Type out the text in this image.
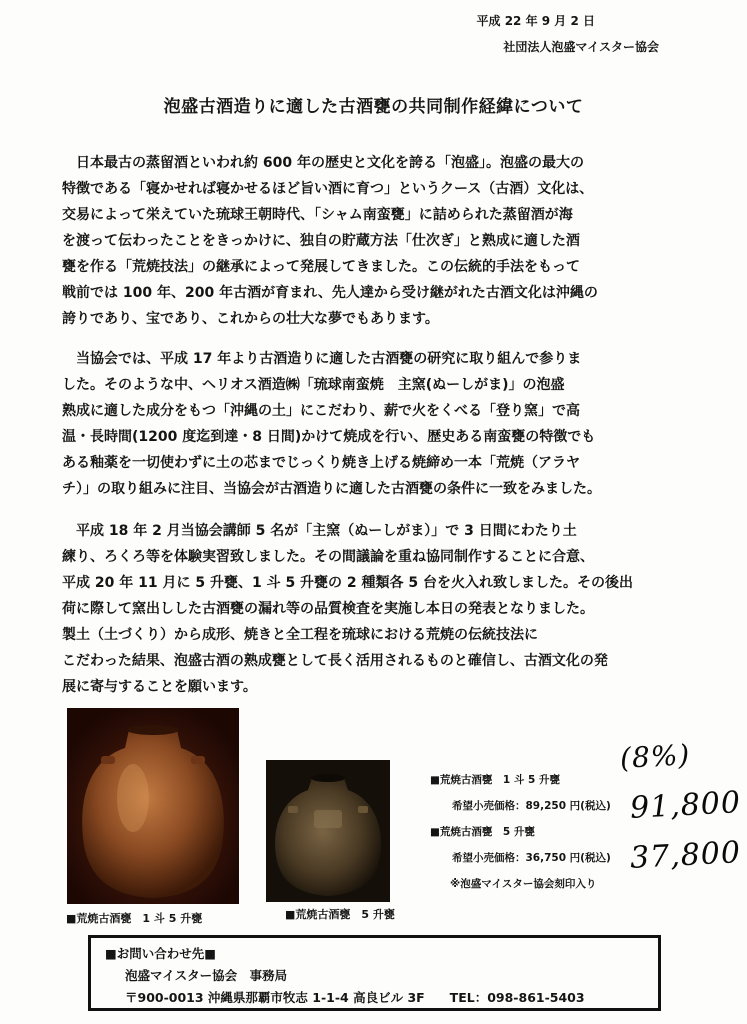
平成 22 年 9 月 2 日
社団法人泡盛マイスター協会
泡盛古酒造りに適した古酒甕の共同制作経緯について
　日本最古の蒸留酒といわれ約 600 年の歴史と文化を誇る「泡盛」。泡盛の最大の
特徴である「寝かせれば寝かせるほど旨い酒に育つ」というクース（古酒）文化は、
交易によって栄えていた琉球王朝時代、「シャム南蛮甕」に詰められた蒸留酒が海
を渡って伝わったことをきっかけに、独自の貯蔵方法「仕次ぎ」と熟成に適した酒
甕を作る「荒焼技法」の継承によって発展してきました。この伝統的手法をもって
戦前では 100 年、200 年古酒が育まれ、先人達から受け継がれた古酒文化は沖縄の
誇りであり、宝であり、これからの壮大な夢でもあります。
　当協会では、平成 17 年より古酒造りに適した古酒甕の研究に取り組んで参りま
した。そのような中、ヘリオス酒造㈱「琉球南蛮焼　主窯(ぬーしがま)」の泡盛
熟成に適した成分をもつ「沖縄の土」にこだわり、薪で火をくべる「登り窯」で高
温・長時間(1200 度迄到達・8 日間)かけて焼成を行い、歴史ある南蛮甕の特徴でも
ある釉薬を一切使わずに土の芯までじっくり焼き上げる焼締め一本「荒焼（アラヤ
チ）」の取り組みに注目、当協会が古酒造りに適した古酒甕の条件に一致をみました。
　平成 18 年 2 月当協会講師 5 名が「主窯（ぬーしがま）」で 3 日間にわたり土
練り、ろくろ等を体験実習致しました。その間議論を重ね協同制作することに合意、
平成 20 年 11 月に 5 升甕、1 斗 5 升甕の 2 種類各 5 台を火入れ致しました。その後出
荷に際して窯出しした古酒甕の漏れ等の品質検査を実施し本日の発表となりました。
製土（土づくり）から成形、焼きと全工程を琉球における荒焼の伝統技法に
こだわった結果、泡盛古酒の熟成甕として長く活用されるものと確信し、古酒文化の発
展に寄与することを願います。
■荒焼古酒甕　1 斗 5 升甕	■荒焼古酒甕　5 升甕
■荒焼古酒甕　1 斗 5 升甕
希望小売価格：89,250 円(税込)
■荒焼古酒甕　5 升甕
希望小売価格：36,750 円(税込)
※泡盛マイスター協会刻印入り
(8%)
91,800
37,800
■お問い合わせ先■
泡盛マイスター協会　事務局
〒900-0013 沖縄県那覇市牧志 1-1-4 高良ビル 3F　　TEL：098-861-5403
